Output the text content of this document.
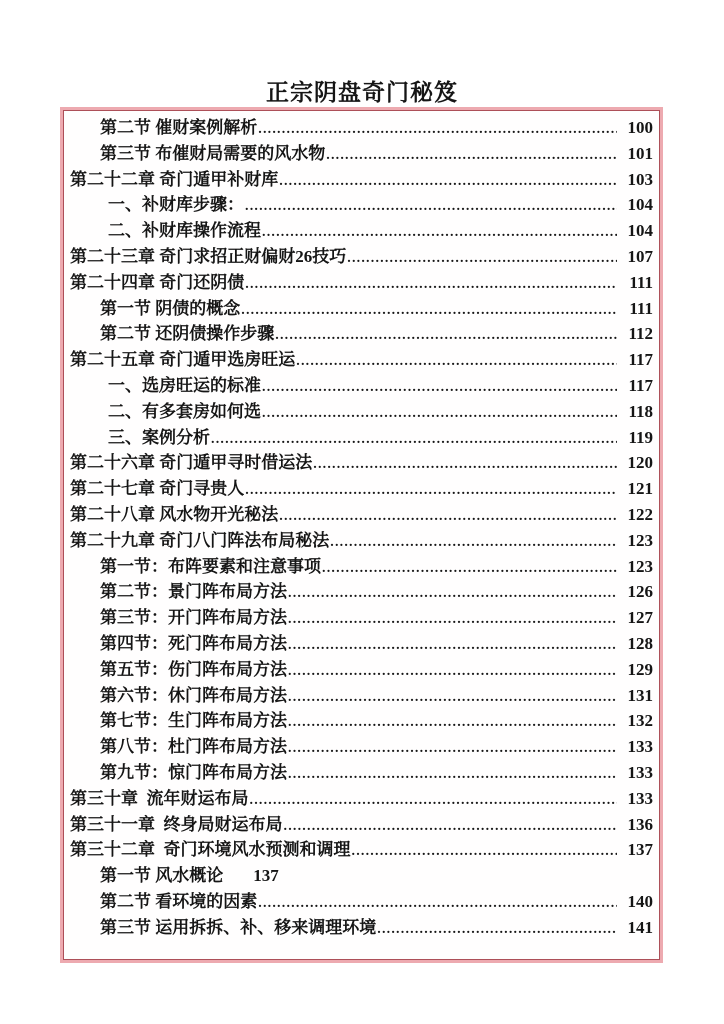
正宗阴盘奇门秘笈
第二节 催财案例解析 .....	100
第三节 布催财局需要的风水物 .....	101
第二十二章 奇门遁甲补财库 .....	103
一、补财库步骤： .....	104
二、补财库操作流程 .....	104
第二十三章 奇门求招正财偏财26技巧 .....	107
第二十四章 奇门还阴债 .....	111
第一节 阴债的概念 .....	111
第二节 还阴债操作步骤 .....	112
第二十五章 奇门遁甲选房旺运 .....	117
一、选房旺运的标准 .....	117
二、有多套房如何选 .....	118
三、案例分析 .....	119
第二十六章 奇门遁甲寻时借运法 .....	120
第二十七章 奇门寻贵人 .....	121
第二十八章 风水物开光秘法 .....	122
第二十九章 奇门八门阵法布局秘法 .....	123
第一节：布阵要素和注意事项 .....	123
第二节：景门阵布局方法 .....	126
第三节：开门阵布局方法 .....	127
第四节：死门阵布局方法 .....	128
第五节：伤门阵布局方法 .....	129
第六节：休门阵布局方法 .....	131
第七节：生门阵布局方法 .....	132
第八节：杜门阵布局方法 .....	133
第九节：惊门阵布局方法 .....	133
第三十章  流年财运布局 .....	133
第三十一章  终身局财运布局 .....	136
第三十二章  奇门环境风水预测和调理 .....	137
第一节 风水概论 137
第二节 看环境的因素 .....	140
第三节 运用拆拆、补、移来调理环境 .....	141
